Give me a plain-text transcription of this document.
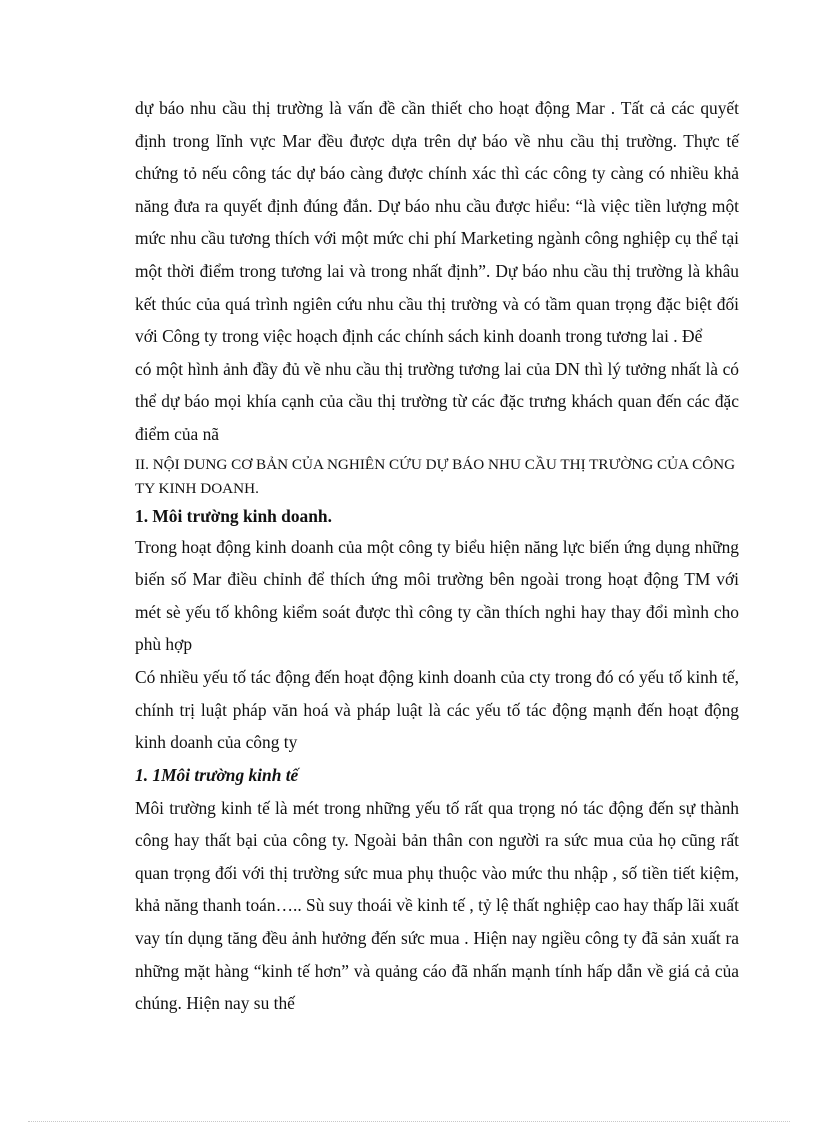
dự báo nhu cầu thị trường là vấn đề cần thiết cho hoạt động Mar . Tất cả các quyết định trong lĩnh vực Mar đều được dựa trên dự báo về nhu cầu thị trường. Thực tế chứng tỏ nếu công tác dự báo càng được chính xác thì các công ty càng có nhiều khả năng đưa ra quyết định đúng đắn. Dự báo nhu cầu được hiểu: “là việc tiền lượng một mức nhu cầu tương thích với một mức chi phí Marketing ngành công nghiệp cụ thể tại một thời điểm trong tương lai và trong nhất định”. Dự báo nhu cầu thị trường là khâu kết thúc của quá trình ngiên cứu nhu cầu thị trường và có tầm quan trọng đặc biệt đối với Công ty trong việc hoạch định các chính sách kinh doanh trong tương lai . Để

có một hình ảnh đầy đủ về nhu cầu thị trường tương lai của DN thì lý tưởng nhất là có thể dự báo mọi khía cạnh của cầu thị trường từ các đặc trưng khách quan đến các đặc điểm của nã

II. NỘI DUNG CƠ BẢN CỦA NGHIÊN CỨU DỰ BÁO NHU CẦU THỊ TRƯỜNG CỦA CÔNG TY KINH DOANH.

1. Môi trường kinh doanh.

Trong hoạt động kinh doanh của một công ty biểu hiện năng lực biến ứng dụng những biến số Mar điều chỉnh để thích ứng môi trường bên ngoài trong hoạt động TM với mét sè yếu tố không kiểm soát được thì công ty cần thích nghi hay thay đổi mình cho phù hợp

Có nhiều yếu tố tác động đến hoạt động kinh doanh của cty trong đó có yếu tố kinh tế, chính trị luật pháp văn hoá và pháp luật là các yếu tố tác động mạnh đến hoạt động kinh doanh của công ty

1. 1Môi trường kinh tế

Môi trường kinh tế là mét trong những yếu tố rất qua trọng nó tác động đến sự thành công hay thất bại của công ty. Ngoài bản thân con người ra sức mua của họ cũng rất quan trọng đối với thị trường sức mua phụ thuộc vào mức thu nhập , số tiền tiết kiệm, khả năng thanh toán….. Sù suy thoái về kinh tế , tỷ lệ thất nghiệp cao hay thấp lãi xuất vay tín dụng tăng đều ảnh hưởng đến sức mua . Hiện nay ngiều công ty đã sản xuất ra những mặt hàng “kinh tế hơn” và quảng cáo đã nhấn mạnh tính hấp dẫn về giá cả của chúng. Hiện nay su thế
